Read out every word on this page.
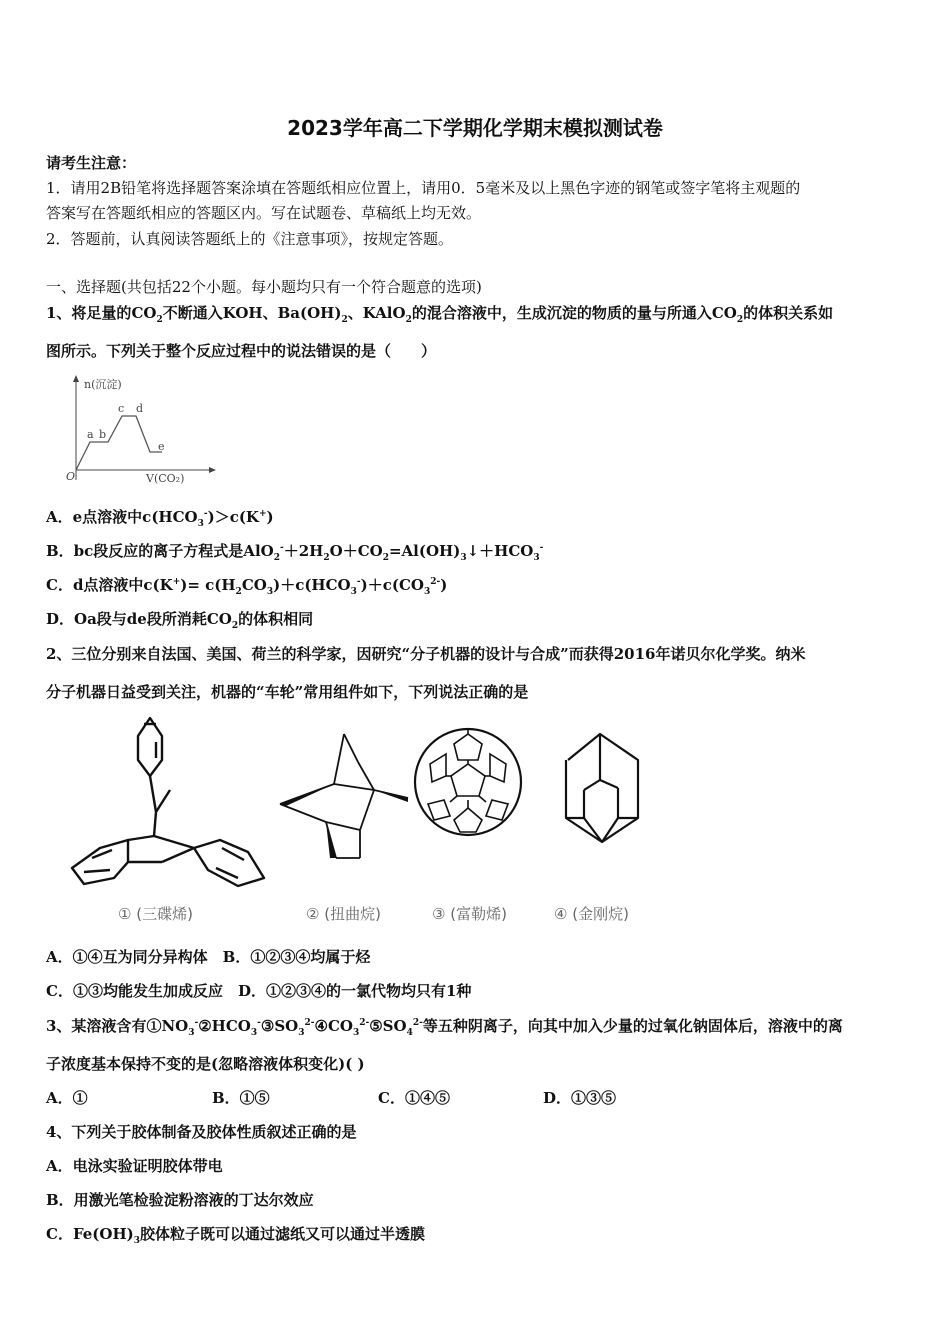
2023学年高二下学期化学期末模拟测试卷
请考生注意：
1．请用2B铅笔将选择题答案涂填在答题纸相应位置上，请用0．5毫米及以上黑色字迹的钢笔或签字笔将主观题的
答案写在答题纸相应的答题区内。写在试题卷、草稿纸上均无效。
2．答题前，认真阅读答题纸上的《注意事项》，按规定答题。
一、选择题(共包括22个小题。每小题均只有一个符合题意的选项)
1、将足量的$CO_2$不断通入KOH、$Ba(OH)_2$、KAlO$_2$的混合溶液中，生成沉淀的物质的量与所通入$CO_2$的体积关系如
图所示。下列关于整个反应过程中的说法错误的是（　　）
n(沉淀)
V(CO₂)
O
a b
c d
e
A．e点溶液中$c(HCO_3^-)>c(K^+)$
B．bc段反应的离子方程式是$AlO_2^-+2H_2O+CO_2=Al(OH)_3↓+HCO_3^-$
C．d点溶液中$c(K^+)= c(H_2CO_3)+c(HCO_3^-)+c(CO_3^{2-})$
D．Oa段与de段所消耗$CO_2$的体积相同
2、三位分别来自法国、美国、荷兰的科学家，因研究“分子机器的设计与合成”而获得2016年诺贝尔化学奖。纳米
分子机器日益受到关注，机器的“车轮”常用组件如下，下列说法正确的是
① (三碟烯)	② (扭曲烷)	③ (富勒烯)	④ (金刚烷)
A．①④互为同分异构体　B．①②③④均属于烃
C．①③均能发生加成反应　D．①②③④的一氯代物均只有1种
3、某溶液含有$①NO_3^-②HCO_3^-③SO_3^{2-}④CO_3^{2-}⑤SO_4^{2-}$等五种阴离子，向其中加入少量的过氧化钠固体后，溶液中的离
子浓度基本保持不变的是(忽略溶液体积变化)( )
A．①	B．①⑤	C．①④⑤	D．①③⑤
4、下列关于胶体制备及胶体性质叙述正确的是
A．电泳实验证明胶体带电
B．用激光笔检验淀粉溶液的丁达尔效应
C．$Fe(OH)_3$胶体粒子既可以通过滤纸又可以通过半透膜
